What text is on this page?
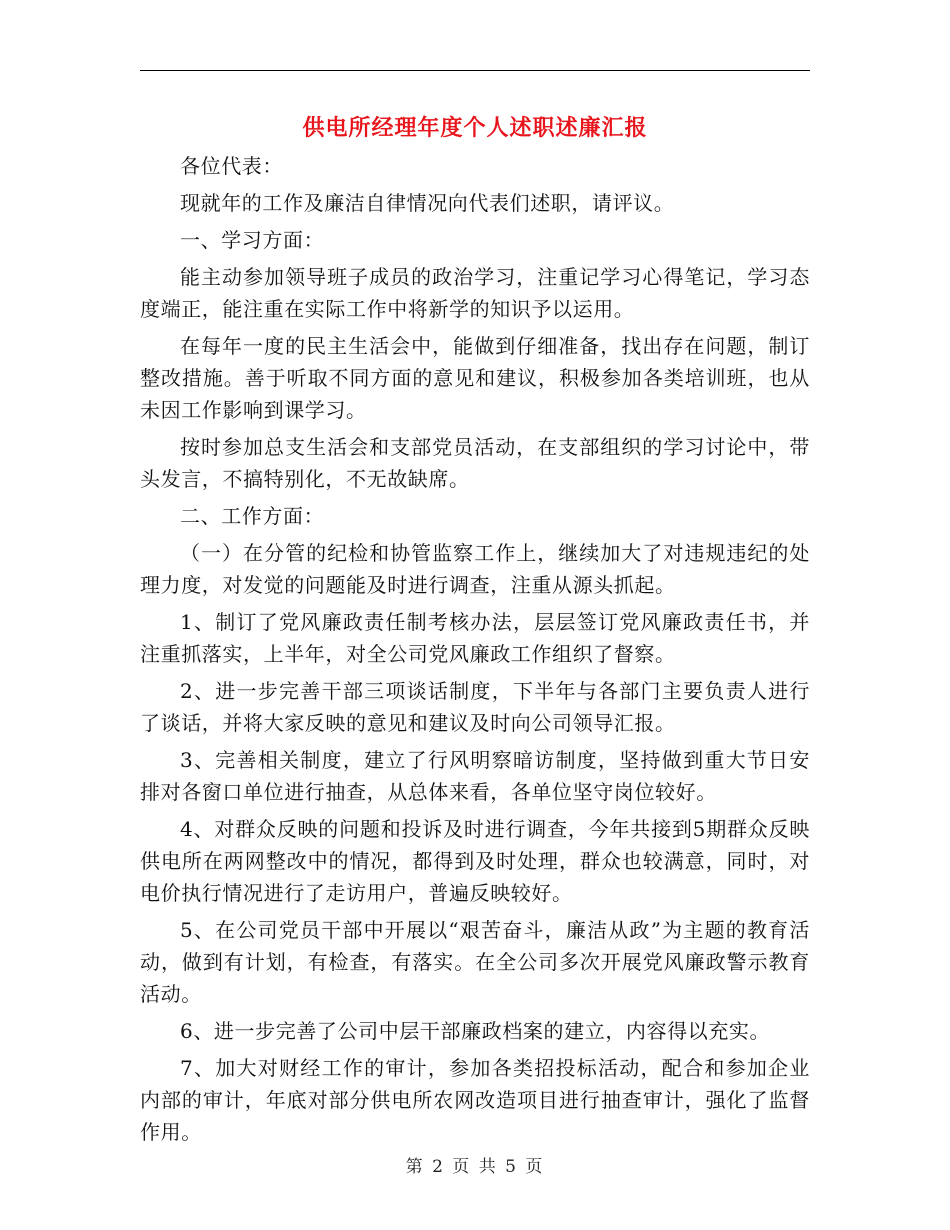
供电所经理年度个人述职述廉汇报

各位代表：

现就年的工作及廉洁自律情况向代表们述职，请评议。

一、学习方面：

能主动参加领导班子成员的政治学习，注重记学习心得笔记，学习态度端正，能注重在实际工作中将新学的知识予以运用。

在每年一度的民主生活会中，能做到仔细准备，找出存在问题，制订整改措施。善于听取不同方面的意见和建议，积极参加各类培训班，也从未因工作影响到课学习。

按时参加总支生活会和支部党员活动，在支部组织的学习讨论中，带头发言，不搞特别化，不无故缺席。

二、工作方面：

（一）在分管的纪检和协管监察工作上，继续加大了对违规违纪的处理力度，对发觉的问题能及时进行调查，注重从源头抓起。

1、制订了党风廉政责任制考核办法，层层签订党风廉政责任书，并注重抓落实，上半年，对全公司党风廉政工作组织了督察。

2、进一步完善干部三项谈话制度，下半年与各部门主要负责人进行了谈话，并将大家反映的意见和建议及时向公司领导汇报。

3、完善相关制度，建立了行风明察暗访制度，坚持做到重大节日安排对各窗口单位进行抽查，从总体来看，各单位坚守岗位较好。

4、对群众反映的问题和投诉及时进行调查，今年共接到5期群众反映供电所在两网整改中的情况，都得到及时处理，群众也较满意，同时，对电价执行情况进行了走访用户，普遍反映较好。

5、在公司党员干部中开展以“艰苦奋斗，廉洁从政”为主题的教育活动，做到有计划，有检查，有落实。在全公司多次开展党风廉政警示教育活动。

6、进一步完善了公司中层干部廉政档案的建立，内容得以充实。

7、加大对财经工作的审计，参加各类招投标活动，配合和参加企业内部的审计，年底对部分供电所农网改造项目进行抽查审计，强化了监督作用。

第 2 页 共 5 页
